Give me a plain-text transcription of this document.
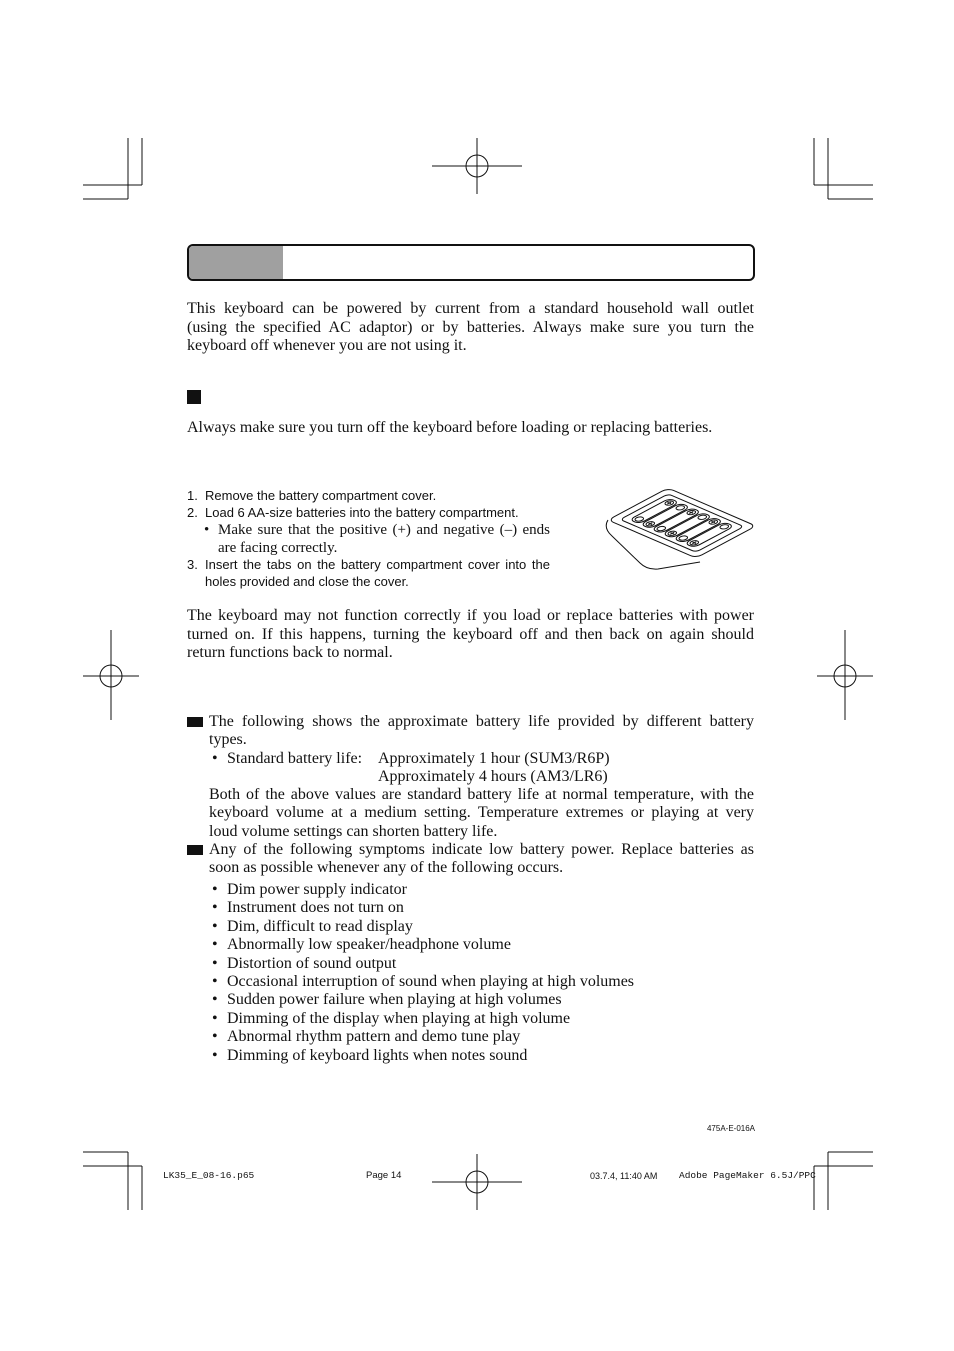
This keyboard can be powered by current from a standard household wall outlet
(using the specified AC adaptor) or by batteries. Always make sure you turn the
keyboard off whenever you are not using it.
Always make sure you turn off the keyboard before loading or replacing batteries.
1. Remove the battery compartment cover.
2. Load 6 AA-size batteries into the battery compartment.
• Make sure that the positive (+) and negative (–) ends
are facing correctly.
3. Insert the tabs on the battery compartment cover into the
holes provided and close the cover.
The keyboard may not function correctly if you load or replace batteries with power
turned on. If this happens, turning the keyboard off and then back on again should
return functions back to normal.
The following shows the approximate battery life provided by different battery
types.
• Standard battery life: Approximately 1 hour (SUM3/R6P)
Approximately 4 hours (AM3/LR6)
Both of the above values are standard battery life at normal temperature, with the
keyboard volume at a medium setting. Temperature extremes or playing at very
loud volume settings can shorten battery life.
Any of the following symptoms indicate low battery power. Replace batteries as
soon as possible whenever any of the following occurs.
• Dim power supply indicator
• Instrument does not turn on
• Dim, difficult to read display
• Abnormally low speaker/headphone volume
• Distortion of sound output
• Occasional interruption of sound when playing at high volumes
• Sudden power failure when playing at high volumes
• Dimming of the display when playing at high volume
• Abnormal rhythm pattern and demo tune play
• Dimming of keyboard lights when notes sound
475A-E-016A
LK35_E_08-16.p65	Page 14	03.7.4, 11:40 AM Adobe PageMaker 6.5J/PPC
